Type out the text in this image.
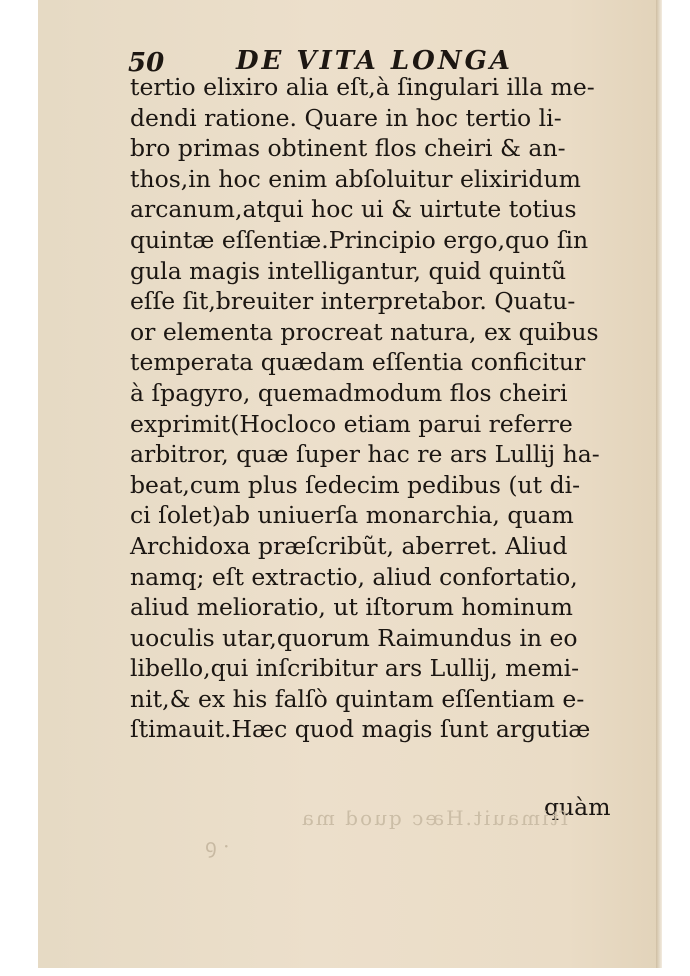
50	DE VITA LONGA
tertio elixiro alia eſt,à ſingulari illa me-
dendi ratione. Quare in hoc tertio li-
bro primas obtinent flos cheiri & an-
thos,in hoc enim abſoluitur elixiridum
arcanum,atqui hoc ui & uirtute totius
quintæ eſſentiæ.Principio ergo,quo ſin
gula magis intelligantur, quid quintũ
eſſe ſit,breuiter interpretabor. Quatu-
or elementa procreat natura, ex quibus
temperata quædam eſſentia conficitur
à ſpagyro, quemadmodum flos cheiri
exprimit(Hocloco etiam parui referre
arbitror, quæ ſuper hac re ars Lullij ha-
beat,cum plus ſedecim pedibus (ut di-
ci ſolet)ab uniuerſa monarchia, quam
Archidoxa præſcribũt, aberret. Aliud
namq; eſt extractio, aliud confortatio,
aliud melioratio, ut iſtorum hominum
uoculis utar,quorum Raimundus in eo
libello,qui inſcribitur ars Lullij, memi-
nit,& ex his falſò quintam eſſentiam e-
ſtimauit.Hæc quod magis ſunt argutiæ
quàm
ſtimauit.Hæc quod ma
ꝯ ·
